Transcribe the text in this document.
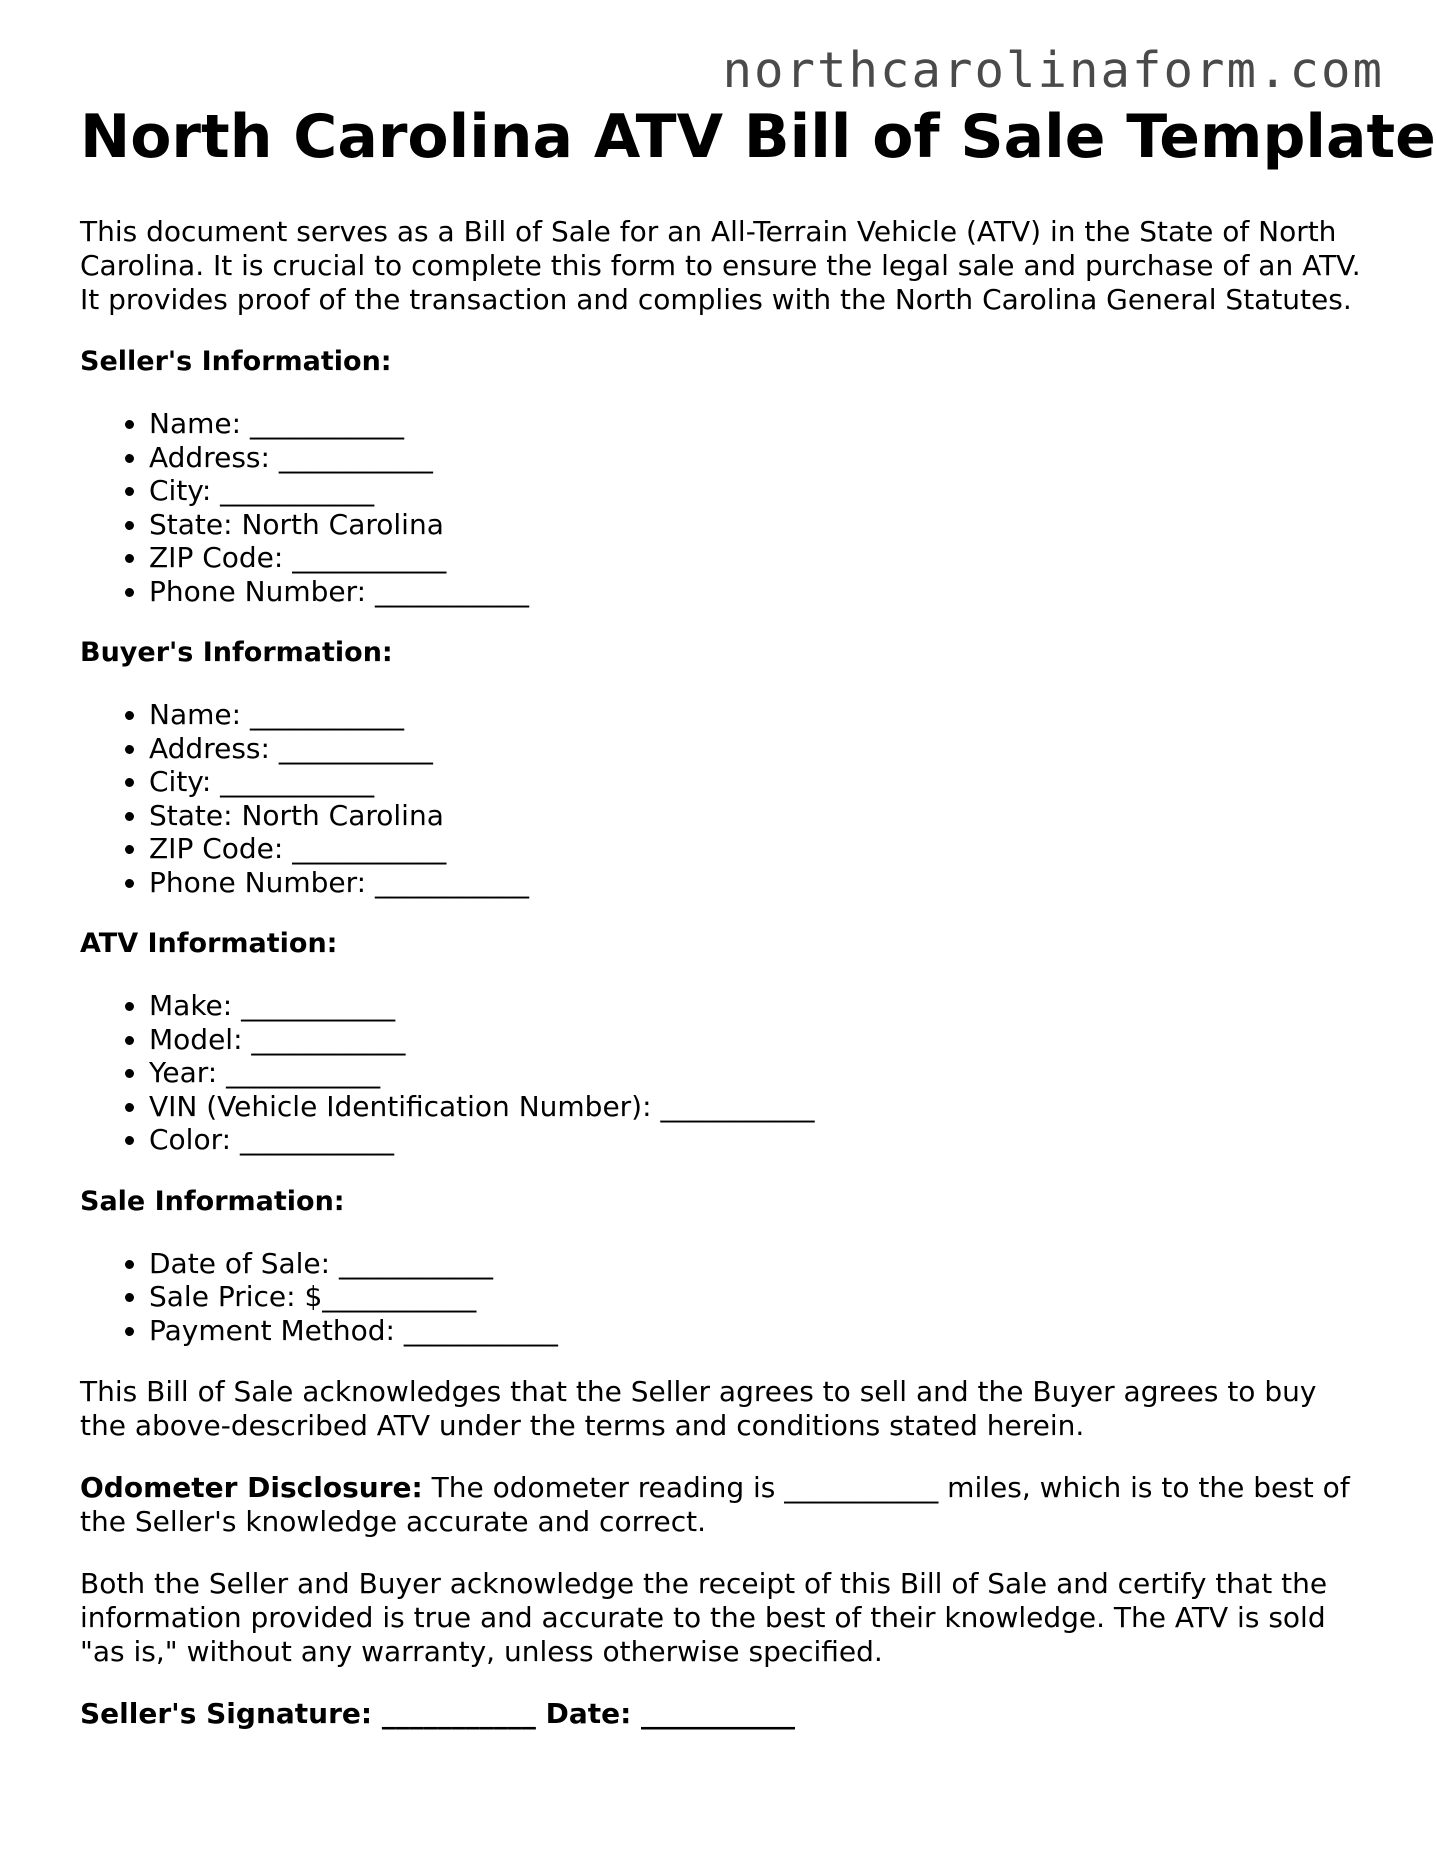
northcarolinaform.com
North Carolina ATV Bill of Sale Template

This document serves as a Bill of Sale for an All-Terrain Vehicle (ATV) in the State of North Carolina. It is crucial to complete this form to ensure the legal sale and purchase of an ATV. It provides proof of the transaction and complies with the North Carolina General Statutes.

Seller's Information:
• Name: ___________
• Address: ___________
• City: ___________
• State: North Carolina
• ZIP Code: ___________
• Phone Number: ___________
Buyer's Information:
• Name: ___________
• Address: ___________
• City: ___________
• State: North Carolina
• ZIP Code: ___________
• Phone Number: ___________
ATV Information:
• Make: ___________
• Model: ___________
• Year: ___________
• VIN (Vehicle Identification Number): ___________
• Color: ___________
Sale Information:
• Date of Sale: ___________
• Sale Price: $___________
• Payment Method: ___________

This Bill of Sale acknowledges that the Seller agrees to sell and the Buyer agrees to buy the above-described ATV under the terms and conditions stated herein.

Odometer Disclosure: The odometer reading is ___________ miles, which is to the best of the Seller's knowledge accurate and correct.

Both the Seller and Buyer acknowledge the receipt of this Bill of Sale and certify that the information provided is true and accurate to the best of their knowledge. The ATV is sold "as is," without any warranty, unless otherwise specified.

Seller's Signature: ___________ Date: ___________
